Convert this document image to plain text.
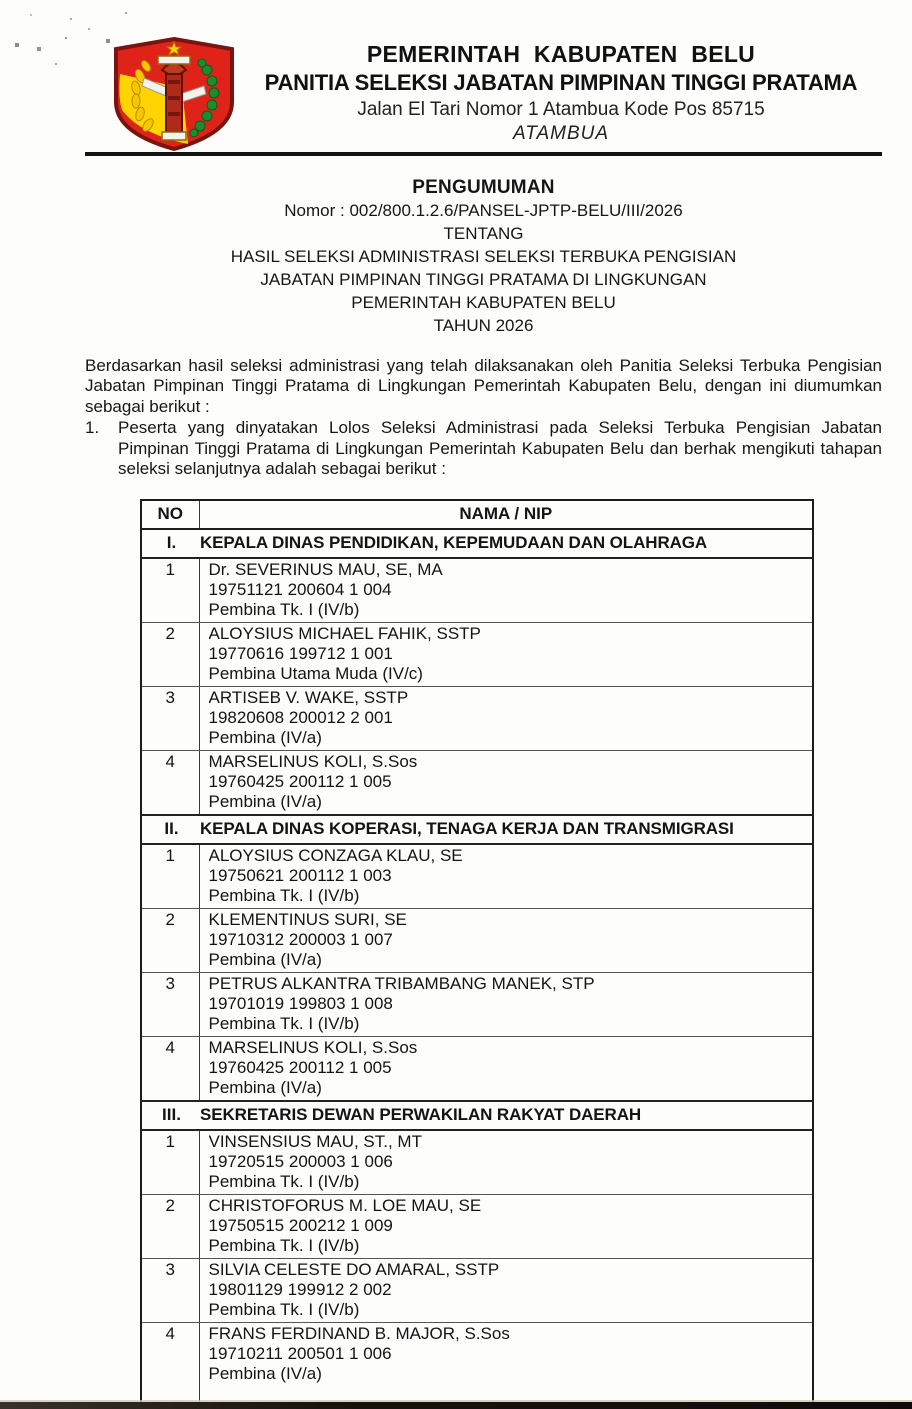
PEMERINTAH KABUPATEN BELU
PANITIA SELEKSI JABATAN PIMPINAN TINGGI PRATAMA
Jalan El Tari Nomor 1 Atambua Kode Pos 85715
ATAMBUA
PENGUMUMAN
Nomor : 002/800.1.2.6/PANSEL-JPTP-BELU/III/2026
TENTANG
HASIL SELEKSI ADMINISTRASI SELEKSI TERBUKA PENGISIAN
JABATAN PIMPINAN TINGGI PRATAMA DI LINGKUNGAN
PEMERINTAH KABUPATEN BELU
TAHUN 2026
Berdasarkan hasil seleksi administrasi yang telah dilaksanakan oleh Panitia Seleksi Terbuka Pengisian Jabatan Pimpinan Tinggi Pratama di Lingkungan Pemerintah Kabupaten Belu, dengan ini diumumkan sebagai berikut :
1.	Peserta yang dinyatakan Lolos Seleksi Administrasi pada Seleksi Terbuka Pengisian Jabatan Pimpinan Tinggi Pratama di Lingkungan Pemerintah Kabupaten Belu dan berhak mengikuti tahapan seleksi selanjutnya adalah sebagai berikut :
NO	NAMA / NIP
I. KEPALA DINAS PENDIDIKAN, KEPEMUDAAN DAN OLAHRAGA	
1	Dr. SEVERINUS MAU, SE, MA
19751121 200604 1 004
Pembina Tk. I (IV/b)

2	ALOYSIUS MICHAEL FAHIK, SSTP
19770616 199712 1 001
Pembina Utama Muda (IV/c)

3	ARTISEB V. WAKE, SSTP
19820608 200012 2 001
Pembina (IV/a)

4	MARSELINUS KOLI, S.Sos
19760425 200112 1 005
Pembina (IV/a)

II. KEPALA DINAS KOPERASI, TENAGA KERJA DAN TRANSMIGRASI	
1	ALOYSIUS CONZAGA KLAU, SE
19750621 200112 1 003
Pembina Tk. I (IV/b)

2	KLEMENTINUS SURI, SE
19710312 200003 1 007
Pembina (IV/a)

3	PETRUS ALKANTRA TRIBAMBANG MANEK, STP
19701019 199803 1 008
Pembina Tk. I (IV/b)

4	MARSELINUS KOLI, S.Sos
19760425 200112 1 005
Pembina (IV/a)

III. SEKRETARIS DEWAN PERWAKILAN RAKYAT DAERAH	
1	VINSENSIUS MAU, ST., MT
19720515 200003 1 006
Pembina Tk. I (IV/b)

2	CHRISTOFORUS M. LOE MAU, SE
19750515 200212 1 009
Pembina Tk. I (IV/b)

3	SILVIA CELESTE DO AMARAL, SSTP
19801129 199912 2 002
Pembina Tk. I (IV/b)

4	FRANS FERDINAND B. MAJOR, S.Sos
19710211 200501 1 006
Pembina (IV/a)
